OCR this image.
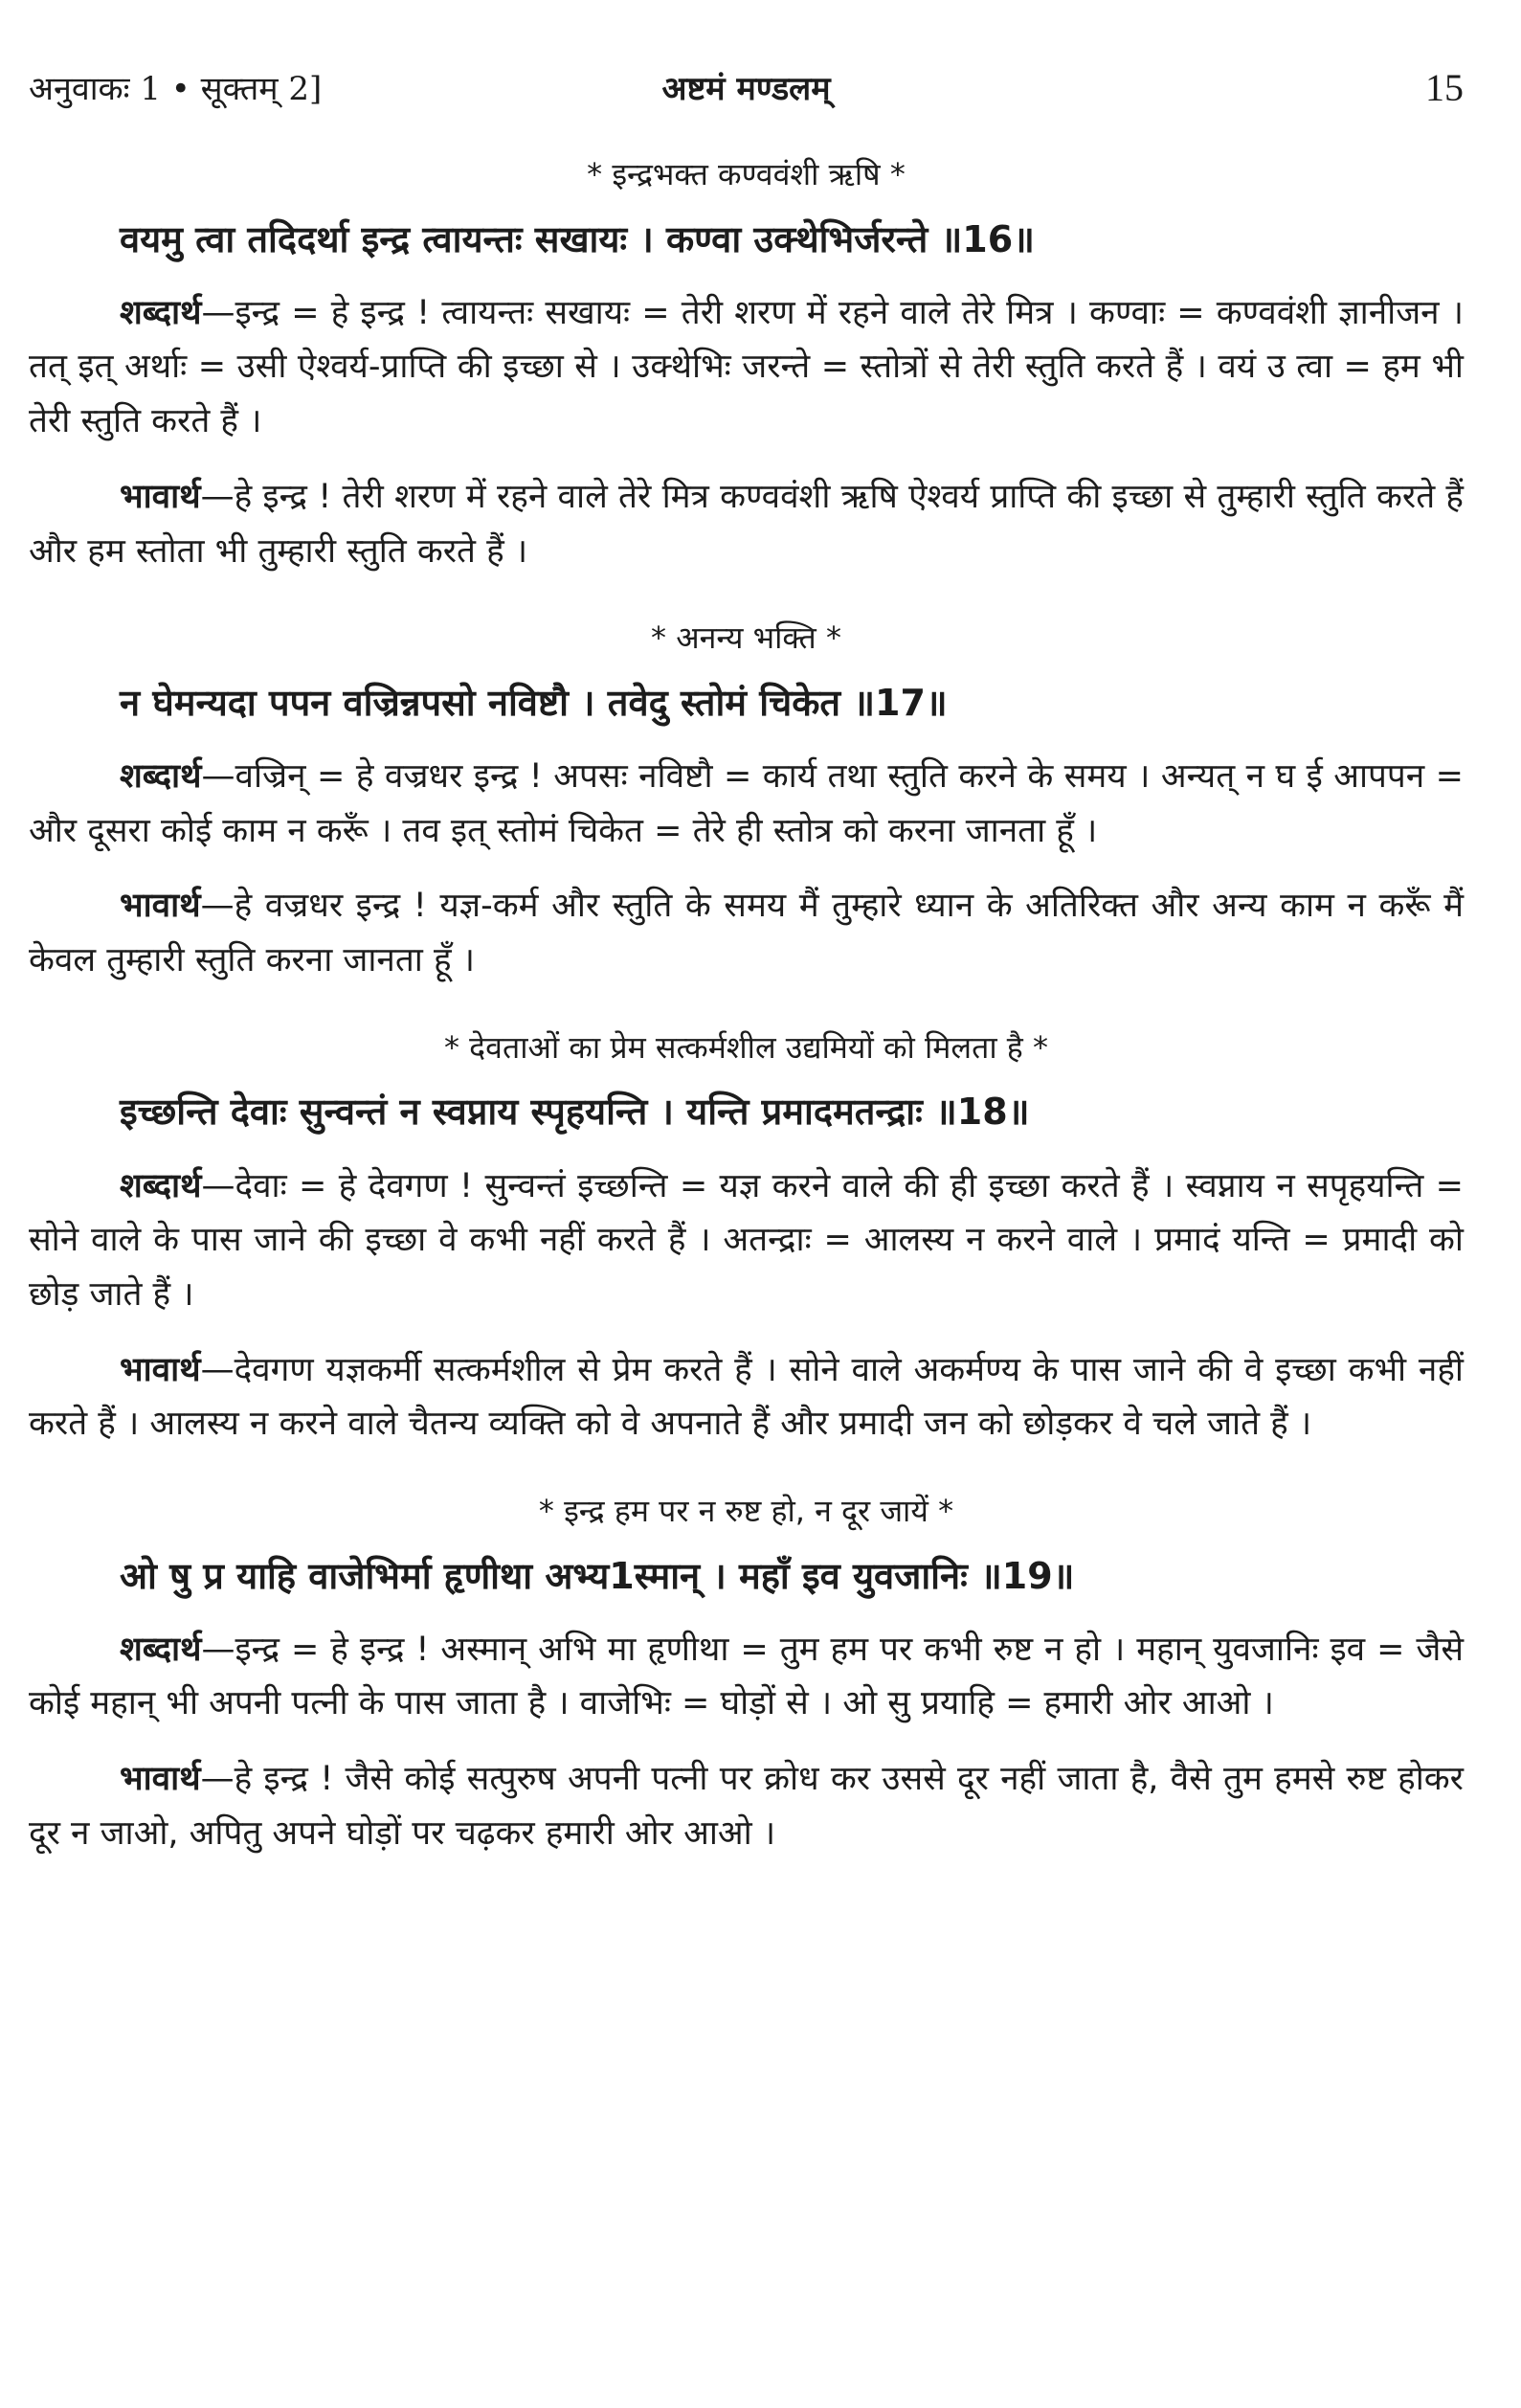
अनुवाकः 1 • सूक्तम् 2]	अष्टमं मण्डलम्	15
* इन्द्रभक्त कण्ववंशी ऋषि *
वयमु त्वा तदिदर्था इन्द्र त्वायन्तः सखायः । कण्वा उक्थेभिर्जरन्ते ॥16॥

शब्दार्थ—इन्द्र = हे इन्द्र ! त्वायन्तः सखायः = तेरी शरण में रहने वाले तेरे मित्र । कण्वाः = कण्ववंशी ज्ञानीजन । तत् इत् अर्थाः = उसी ऐश्वर्य-प्राप्ति की इच्छा से । उक्थेभिः जरन्ते = स्तोत्रों से तेरी स्तुति करते हैं । वयं उ त्वा = हम भी तेरी स्तुति करते हैं ।

भावार्थ—हे इन्द्र ! तेरी शरण में रहने वाले तेरे मित्र कण्ववंशी ऋषि ऐश्वर्य प्राप्ति की इच्छा से तुम्हारी स्तुति करते हैं और हम स्तोता भी तुम्हारी स्तुति करते हैं ।

* अनन्य भक्ति *
न घेमन्यदा पपन वज्रिन्नपसो नविष्टौ । तवेदु स्तोमं चिकेत ॥17॥

शब्दार्थ—वज्रिन् = हे वज्रधर इन्द्र ! अपसः नविष्टौ = कार्य तथा स्तुति करने के समय । अन्यत् न घ ई आपपन = और दूसरा कोई काम न करूँ । तव इत् स्तोमं चिकेत = तेरे ही स्तोत्र को करना जानता हूँ ।

भावार्थ—हे वज्रधर इन्द्र ! यज्ञ-कर्म और स्तुति के समय मैं तुम्हारे ध्यान के अतिरिक्त और अन्य काम न करूँ मैं केवल तुम्हारी स्तुति करना जानता हूँ ।

* देवताओं का प्रेम सत्कर्मशील उद्यमियों को मिलता है *
इच्छन्ति देवाः सुन्वन्तं न स्वप्नाय स्पृहयन्ति । यन्ति प्रमादमतन्द्राः ॥18॥

शब्दार्थ—देवाः = हे देवगण ! सुन्वन्तं इच्छन्ति = यज्ञ करने वाले की ही इच्छा करते हैं । स्वप्नाय न सपृहयन्ति = सोने वाले के पास जाने की इच्छा वे कभी नहीं करते हैं । अतन्द्राः = आलस्य न करने वाले । प्रमादं यन्ति = प्रमादी को छोड़ जाते हैं ।

भावार्थ—देवगण यज्ञकर्मी सत्कर्मशील से प्रेम करते हैं । सोने वाले अकर्मण्य के पास जाने की वे इच्छा कभी नहीं करते हैं । आलस्य न करने वाले चैतन्य व्यक्ति को वे अपनाते हैं और प्रमादी जन को छोड़कर वे चले जाते हैं ।

* इन्द्र हम पर न रुष्ट हो, न दूर जायें *
ओ षु प्र याहि वाजेभिर्मा हृणीथा अभ्य1स्मान् । महाँ इव युवजानिः ॥19॥

शब्दार्थ—इन्द्र = हे इन्द्र ! अस्मान् अभि मा हृणीथा = तुम हम पर कभी रुष्ट न हो । महान् युवजानिः इव = जैसे कोई महान् भी अपनी पत्नी के पास जाता है । वाजेभिः = घोड़ों से । ओ सु प्रयाहि = हमारी ओर आओ ।

भावार्थ—हे इन्द्र ! जैसे कोई सत्पुरुष अपनी पत्नी पर क्रोध कर उससे दूर नहीं जाता है, वैसे तुम हमसे रुष्ट होकर दूर न जाओ, अपितु अपने घोड़ों पर चढ़कर हमारी ओर आओ ।
